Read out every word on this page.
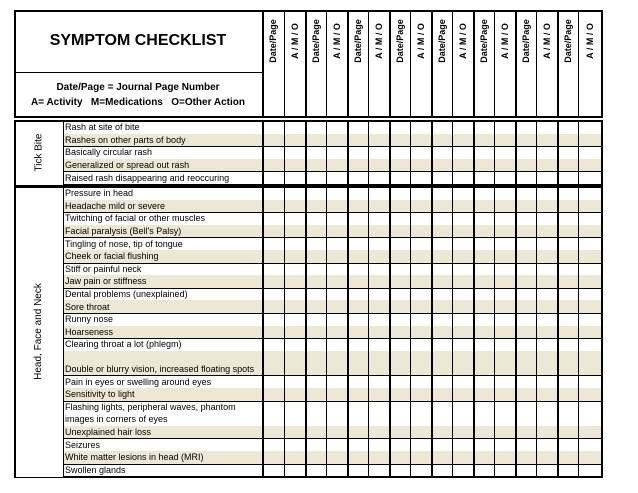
Date/Page A / M / O Date/Page A / M / O Date/Page A / M / O Date/Page A / M / O Date/Page A / M / O Date/Page A / M / O Date/Page A / M / O Date/Page A / M / O
Rash at site of bite
Rashes on other parts of body
Basically circular rash
Generalized or spread out rash
Raised rash disappearing and reoccuring
Tick Bite
Pressure in head
Headache mild or severe
Twitching of facial or other muscles
Facial paralysis (Bell's Palsy)
Tingling of nose, tip of tongue
Cheek or facial flushing
Stiff or painful neck
Jaw pain or stiffness
Dental problems (unexplained)
Sore throat
Runny nose
Hoarseness
Clearing throat a lot (phlegm)
Double or blurry vision, increased floating spots
Pain in eyes or swelling around eyes
Sensitivity to light
Flashing lights, peripheral waves, phantom
images in corners of eyes
Unexplained hair loss
Seizures
White matter lesions in head (MRI)
Swollen glands
Head, Face and Neck
SYMPTOM CHECKLIST
Date/Page = Journal Page Number
A= Activity   M=Medications   O=Other Action
